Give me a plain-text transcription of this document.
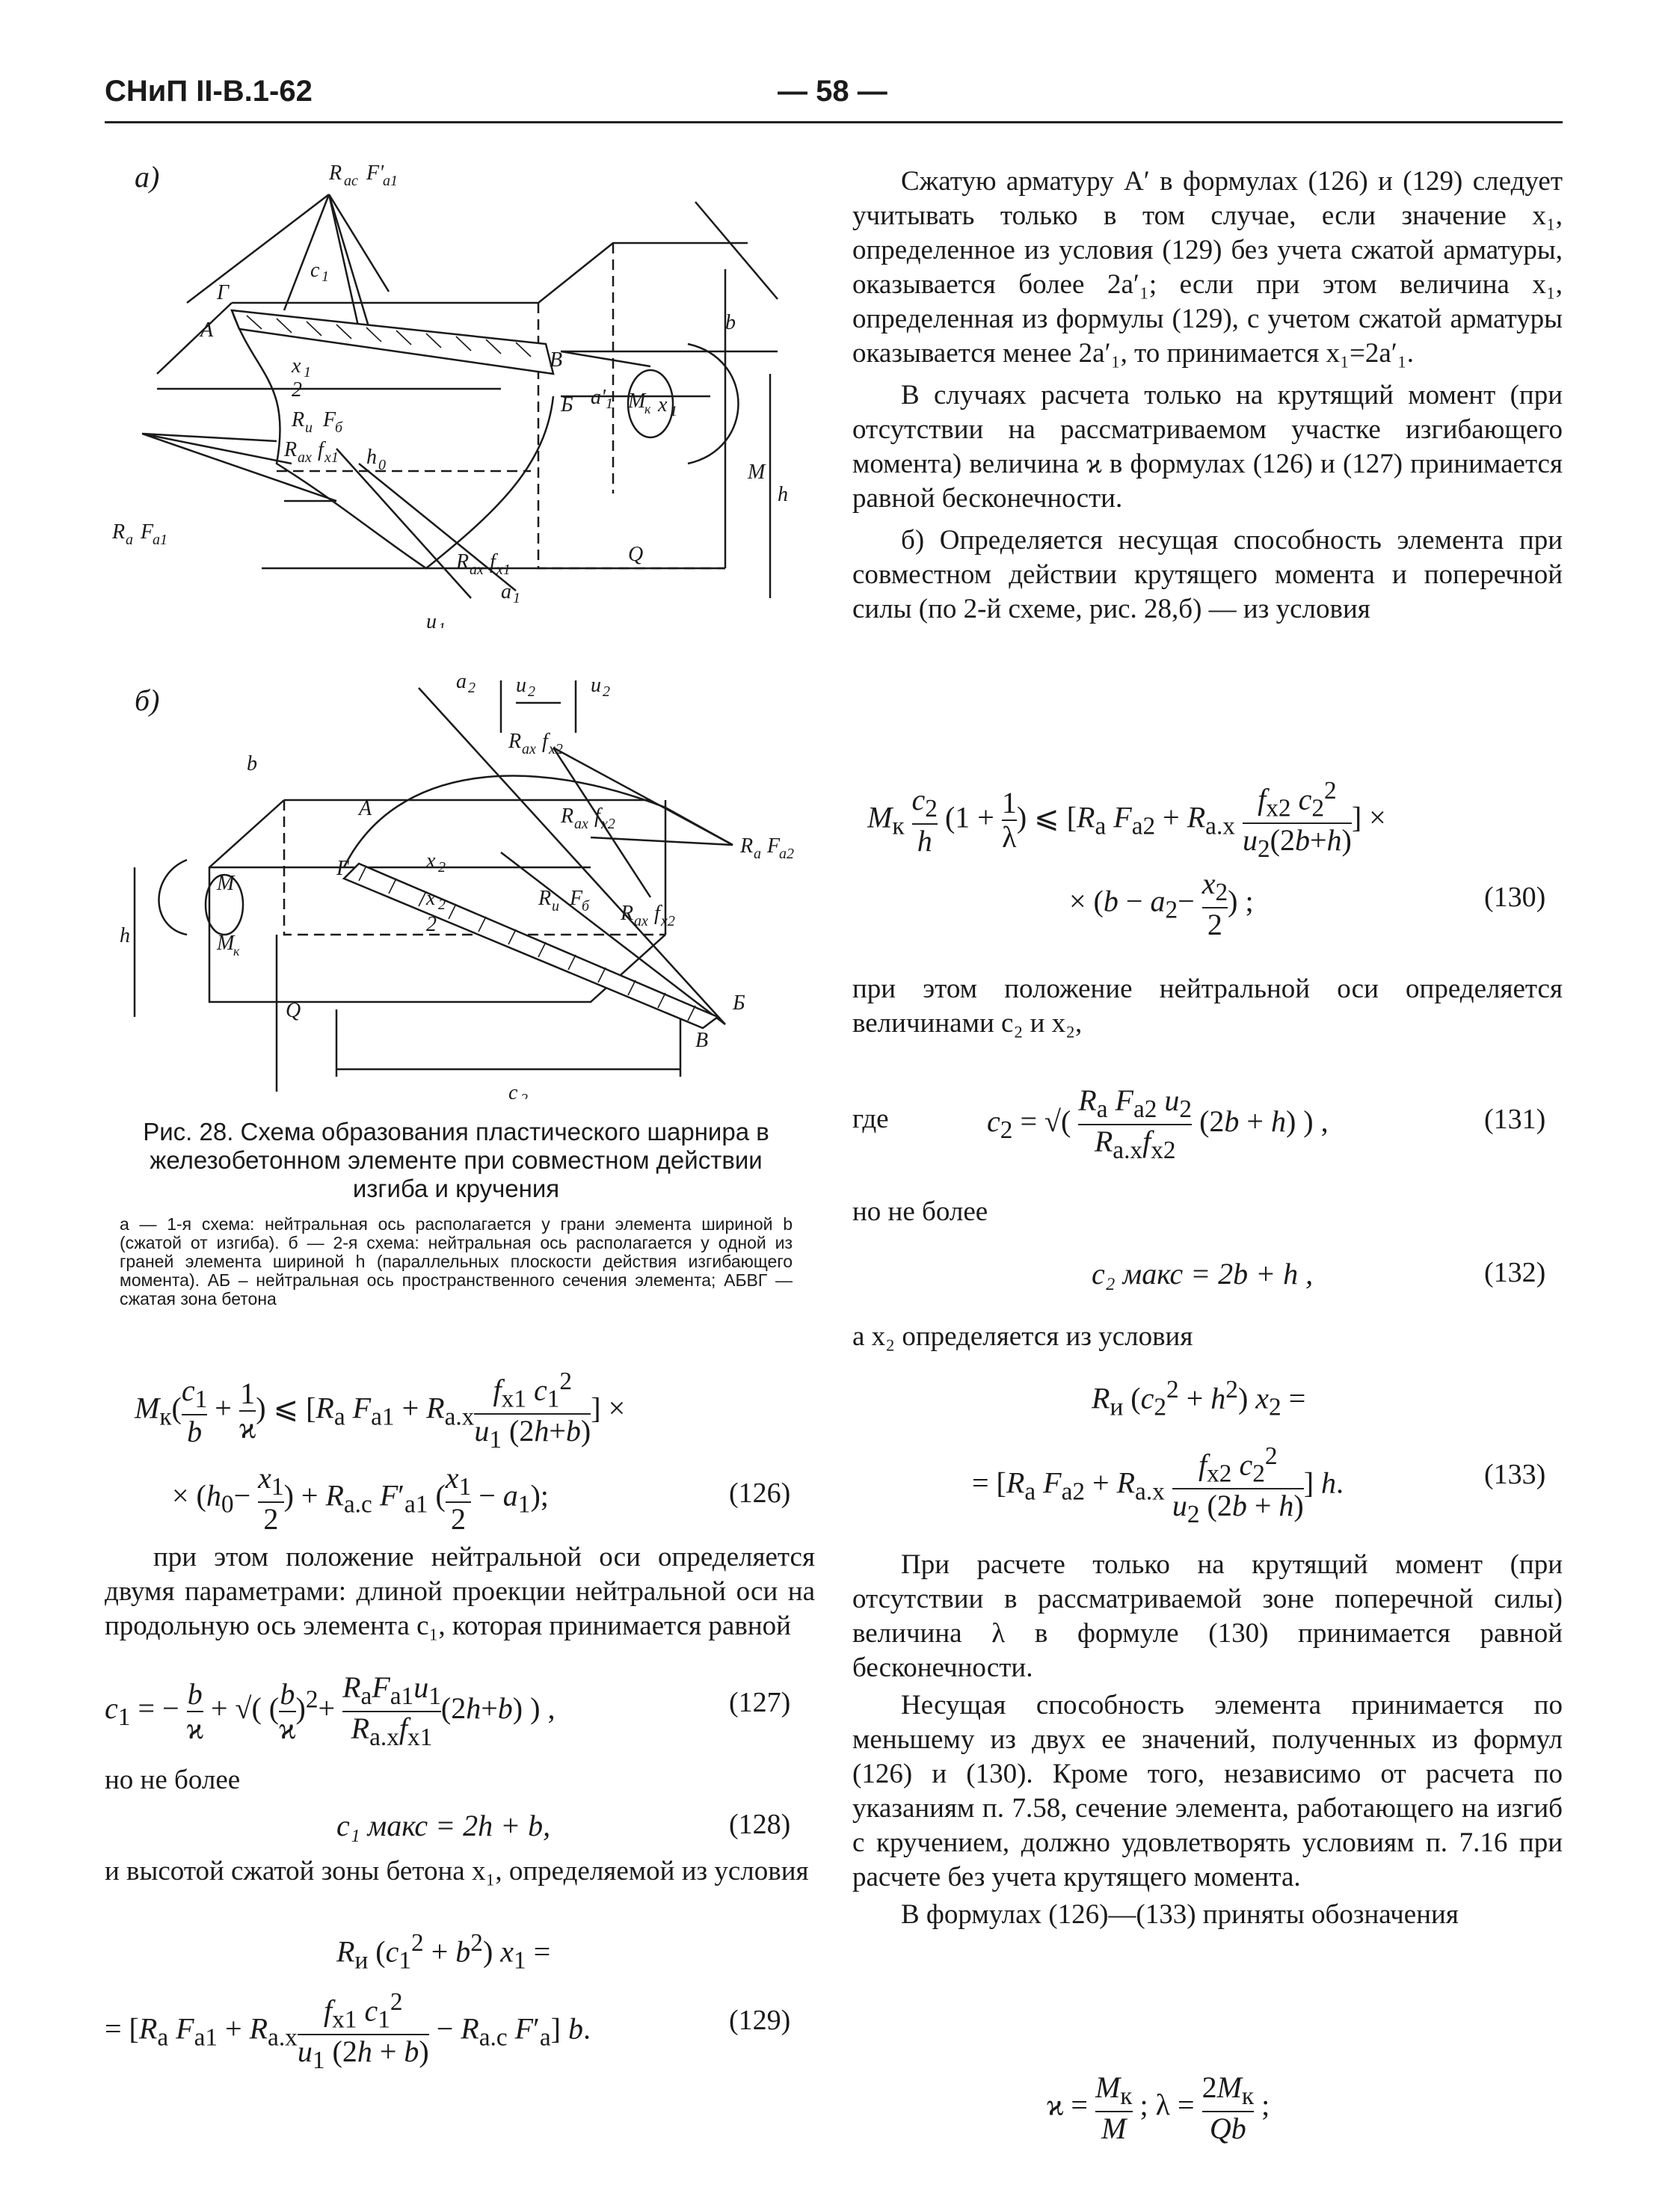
СНиП II-В.1-62	— 58 —
а)	R ас F'
а1
Г
А
с 1
x 1
2
В
Б а' 1 x 1
R и F
б
R ах f х1 h 0
R а F
а1
R ах f х1
M
к
М
h
b
Q
u 1
а 1
б)	u 2	u 2
R ах f х2
R ах f х2
R а F
а2
А
Г	x 2
x 2
2
R и F
б R ах f х2
М
M
к
h
Q	Б
В
b
с 2
а 2
Рис. 28. Схема образования пластического шарнира в железобетонном элементе при совместном действии изгиба и кручения
а — 1-я схема: нейтральная ось располагается у грани элемента шириной b (сжатой от изгиба). б — 2-я схема: нейтральная ось располагается у одной из граней элемента шириной h (параллельных плоскости действия изгибающего момента). АБ – нейтральная ось пространственного сечения элемента; АБВГ — сжатая зона бетона
$M_к( \frac{c_1}{b} + \frac{1}{ϰ}$ ) ⩽ [$R_a$ $F_{a1} + R_{a.x} \frac{f_{x1} c_1^2}{u_1 (2h+b)}$ ] ×
× ($h_0- \frac{x_1}{2}$ ) + $R_{a.c}$ $F'_{a1}$ ( $\frac{x_1}{2} - a_1$);	(126)

при этом положение нейтральной оси определяется двумя параметрами: длиной проекции нейтральной оси на продольную ось элемента c₁, которая принимается равной

$c_1$ = − $\frac{b}{ϰ}$ + √( ( $\frac{b}{ϰ} )^2+ \frac{R_aF_{a1}u_1}{R_{a.x}f_{x1}} (2h+b)$ ) ,	(127)

но не более

c₁ макс = 2h + b,	(128)

и высотой сжатой зоны бетона x₁, определяемой из условия

$R_и$ $(c_1^2 + b^2) x_1$ =
= [$R_a$ $F_{a1} + R_{a.x} \frac{f_{x1} c_1^2}{u_1 (2h + b)} - R_{a.c}$ $F'_a$] b.	(129)

Сжатую арматуру A′ в формулах (126) и (129) следует учитывать только в том случае, если значение x₁, определенное из условия (129) без учета сжатой арматуры, оказывается более 2a′₁; если при этом величина x₁, определенная из формулы (129), с учетом сжатой арматуры оказывается менее 2a′₁, то принимается x₁=2a′₁.

В случаях расчета только на крутящий момент (при отсутствии на рассматриваемом участке изгибающего момента) величина ϰ в формулах (126) и (127) принимается равной бесконечности.

б) Определяется несущая способность элемента при совместном действии крутящего момента и поперечной силы (по 2-й схеме, рис. 28,б) — из условия

$M_к \frac{c_2}{h} (1 + \frac{1}{\lambda}$ ) ⩽ [$R_a$ $F_{a2} + R_{a.x} \frac{f_{x2} c_2^2}{u_2(2b+h)}$ ] ×
× ($b - a_2- \frac{x_2}{2}$ ) ;	(130)

при этом положение нейтральной оси определяется величинами c₂ и x₂,

где	$c_2$ = √( $\frac{R_a F_{a2} u_2}{R_{a.x}f_{x2}} (2b + h)$ ) ,	(131)

но не более

c₂ макс = 2b + h ,	(132)

а x₂ определяется из условия

$R_и$ $(c_2^2 + h^2) x_2$ =
= [$R_a$ $F_{a2} + R_{a.x} \frac{f_{x2} c_2^2}{u_2 (2b + h)}$ ] h.	(133)

При расчете только на крутящий момент (при отсутствии в рассматриваемой зоне поперечной силы) величина λ в формуле (130) принимается равной бесконечности.

Несущая способность элемента принимается по меньшему из двух ее значений, полученных из формул (126) и (130). Кроме того, независимо от расчета по указаниям п. 7.58, сечение элемента, работающего на изгиб с кручением, должно удовлетворять условиям п. 7.16 при расчете без учета крутящего момента.

В формулах (126)—(133) приняты обозначения

$ϰ = \frac{M_к}{M}$ ; $\lambda = \frac{2M_к}{Qb}$ ;
